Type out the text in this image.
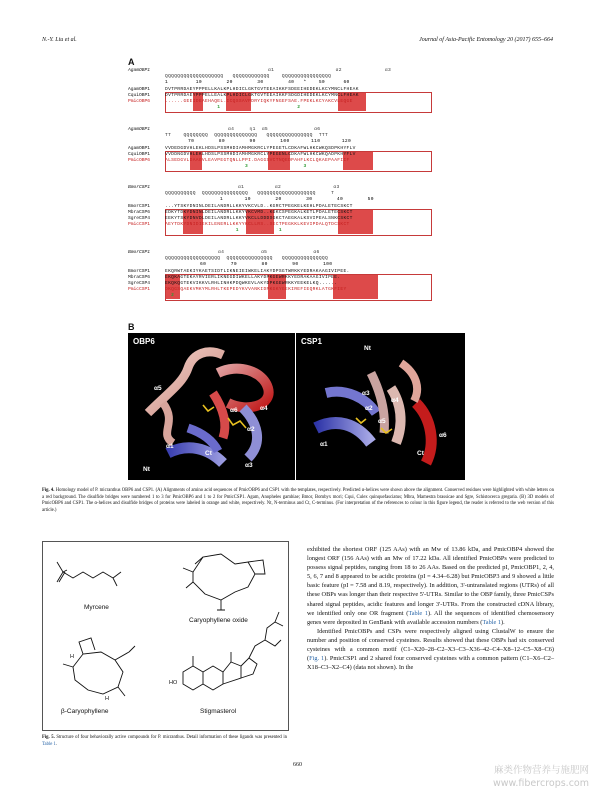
N.-Y. Liu et al.	Journal of Asia-Pacific Entomology 20 (2017) 655–664
A
AgamOBP1	α1                    α2              α3
QQQQQQQQQQQQQQQQQQQ   QQQQQQQQQQQQ    QQQQQQQQQQQQQQQQ
1         10        20        30        40   *    50      60
AgamOBP1	DVTPRRDAEYPPPELLKALKPLHDICLGKTGVTEEAIKKFSDEEIHEDEKLKCYMNCLFHEAK
CquiOBP1	DVTPRRDAEYPPPELLEALKPLHDICLGKTGVTEEAIKKFSDGDIHEDEKLKCYMNCLFHEAK
PmicOBP6	......GEEIDEAEHAQEL.ICQSSAVPDRYIQKYFNGEFSAE.FPEKLKCYAKCVLEQGE
1                         2
AgamOBP1	α4     η1  α5               α6
TT    QQQQQQQQ  QQQQQQQQQQQQQQ   QQQQQQQQQQQQQQQ  TTT
70        80        90        100       110       120
AgamOBP1	VVDEDGDVHLEKLHDSLPSSMHDIAMHMGKRCLYPEGETLCDKAFWLHKCWKQSDPKHYFLV
CquiOBP1	VVDDNGDVHLEKLHDSLPSSMHDIAMHMGKRCLYPEGENLCDKAFWLHKCWKQADPKHYFLV
PmicOBP6	ALSEDGVLDAAGVLEAVPEGTQNLLPPI.DAGGSVCTNQEDPAHFLKCLQKAEPAAFIIF
3                  3
BmorCSP1	α1          α2                 α3
QQQQQQQQQQ  QQQQQQQQQQQQQQQ   QQQQQQQQQQQQQQQQQQQ     T
1       10        20        30        40        50
BmorCSP1	...YTSKYDNINLDEILANDRLLKKYVKCVLD..KGRCTPEGKELKEHLPDALETECSKCT
MbraCSP6	EDKYTDKYDNINLDEILANDRLLKKYVKCVMD..KGKCSPEGKALKETLPDALETECSKCT
SgreCSP4	EEKYTSKYDNVDLDEILANDRLLKKYVKCLLDDDSGKCTAEGKALKSVIPEALSNKCSKCT
PmicCSP1	AEYTDKYDNIDIEKILENERLLKKYYKCLLRS..SECTPEGKKLKEVIPDALQTDCSKCT
1             1
BmorCSP1	α4            α5               α6
QQQQQQQQQQQQQQQQQQ  QQQQQQQQQQQQQQQ   QQQQQQQQQQQQQQQ
60        70        80        90        100
BmorCSP1	EKQRWTAEKIYKAETSIDTLIKNEIEIWKELIAKYDPSGTWRKKYEDRAKAAGIVIPEE.
MbraCSP6	EKQKAGTEKAYRVIERLIKNEGDIWKELLAKYDPKGEWRKKYEDRAKAAGIVIPEE.
SgreCSP4	EKQKQGTEKVIKKVLRHLINHKPDQWKEVLAKYDPKGEWRKKYEEKELKQ......
PmicCSP1	DKQGSQAEKVMKYMLRHLTKEPEDYKVVANKIDPKGKYGEKIREFIEQRKLATGKFIEY
2
B
OBP6
α5
α6	α4
α2
α1
Ct
α3
Nt
CSP1
Nt
α3
α4
α2
α5
α6
α1
Ct
Fig. 4. Homology model of P. micranthus OBP6 and CSP1. (A) Alignments of amino acid sequences of PmicOBP6 and CSP1 with the templates, respectively. Predicted α-helices were shown above the alignment. Conserved residues were highlighted with white letters on a red background. The disulfide bridges were numbered 1 to 3 for PmicOBP6 and 1 to 2 for PmicCSP1. Agam, Anopheles gambiae; Bmor, Bombyx mori; Cqui, Culex quinquefasciatus; Mbra, Mamestra brassicae and Sgre, Schistocerca gregaria. (B) 3D models of PmicOBP6 and CSP1. The α-helices and disulfide bridges of proteins were labeled in orange and white, respectively. Nt, N-terminus and Ct, C-terminus. (For interpretation of the references to colour in this figure legend, the reader is referred to the web version of this article.)
Myrcene
Caryophyllene oxide
β-Caryophyllene	Stigmasterol
H
H
HO
Fig. 5. Structure of four behaviorally active compounds for P. micranthus. Detail information of these ligands was presented in Table 1.

exhibited the shortest ORF (125 AAs) with an Mw of 13.86 kDa, and PmicOBP4 showed the longest ORF (156 AAs) with an Mw of 17.22 kDa. All identified PmicOBPs were predicted to possess signal peptides, ranging from 18 to 26 AAs. Based on the predicted pI, PmicOBP1, 2, 4, 5, 6, 7 and 8 appeared to be acidic proteins (pI = 4.34–6.28) but PmicOBP3 and 9 showed a little basic feature (pI = 7.58 and 8.19, respectively). In addition, 3'-untranslated regions (UTRs) of all these OBPs was longer than their respective 5'-UTRs. Similar to the OBP family, three PmicCSPs shared signal peptides, acidic features and longer 3'-UTRs. From the constructed cDNA library, we identified only one OR fragment (Table 1). All the sequences of identified chemosensory genes were deposited in GenBank with available accession numbers (Table 1).

Identified PmicOBPs and CSPs were respectively aligned using ClustalW to ensure the number and position of conserved cysteines. Results showed that these OBPs had six conserved cysteines with a common motif (C1–X20–28–C2–X3–C3–X36–42–C4–X8–12–C5–X8–C6) (Fig. 1). PmicCSP1 and 2 shared four conserved cysteines with a common pattern (C1–X6–C2–X18–C3–X2–C4) (data not shown). In the

660	麻类作物营养与施肥网
www.fibercrops.com
